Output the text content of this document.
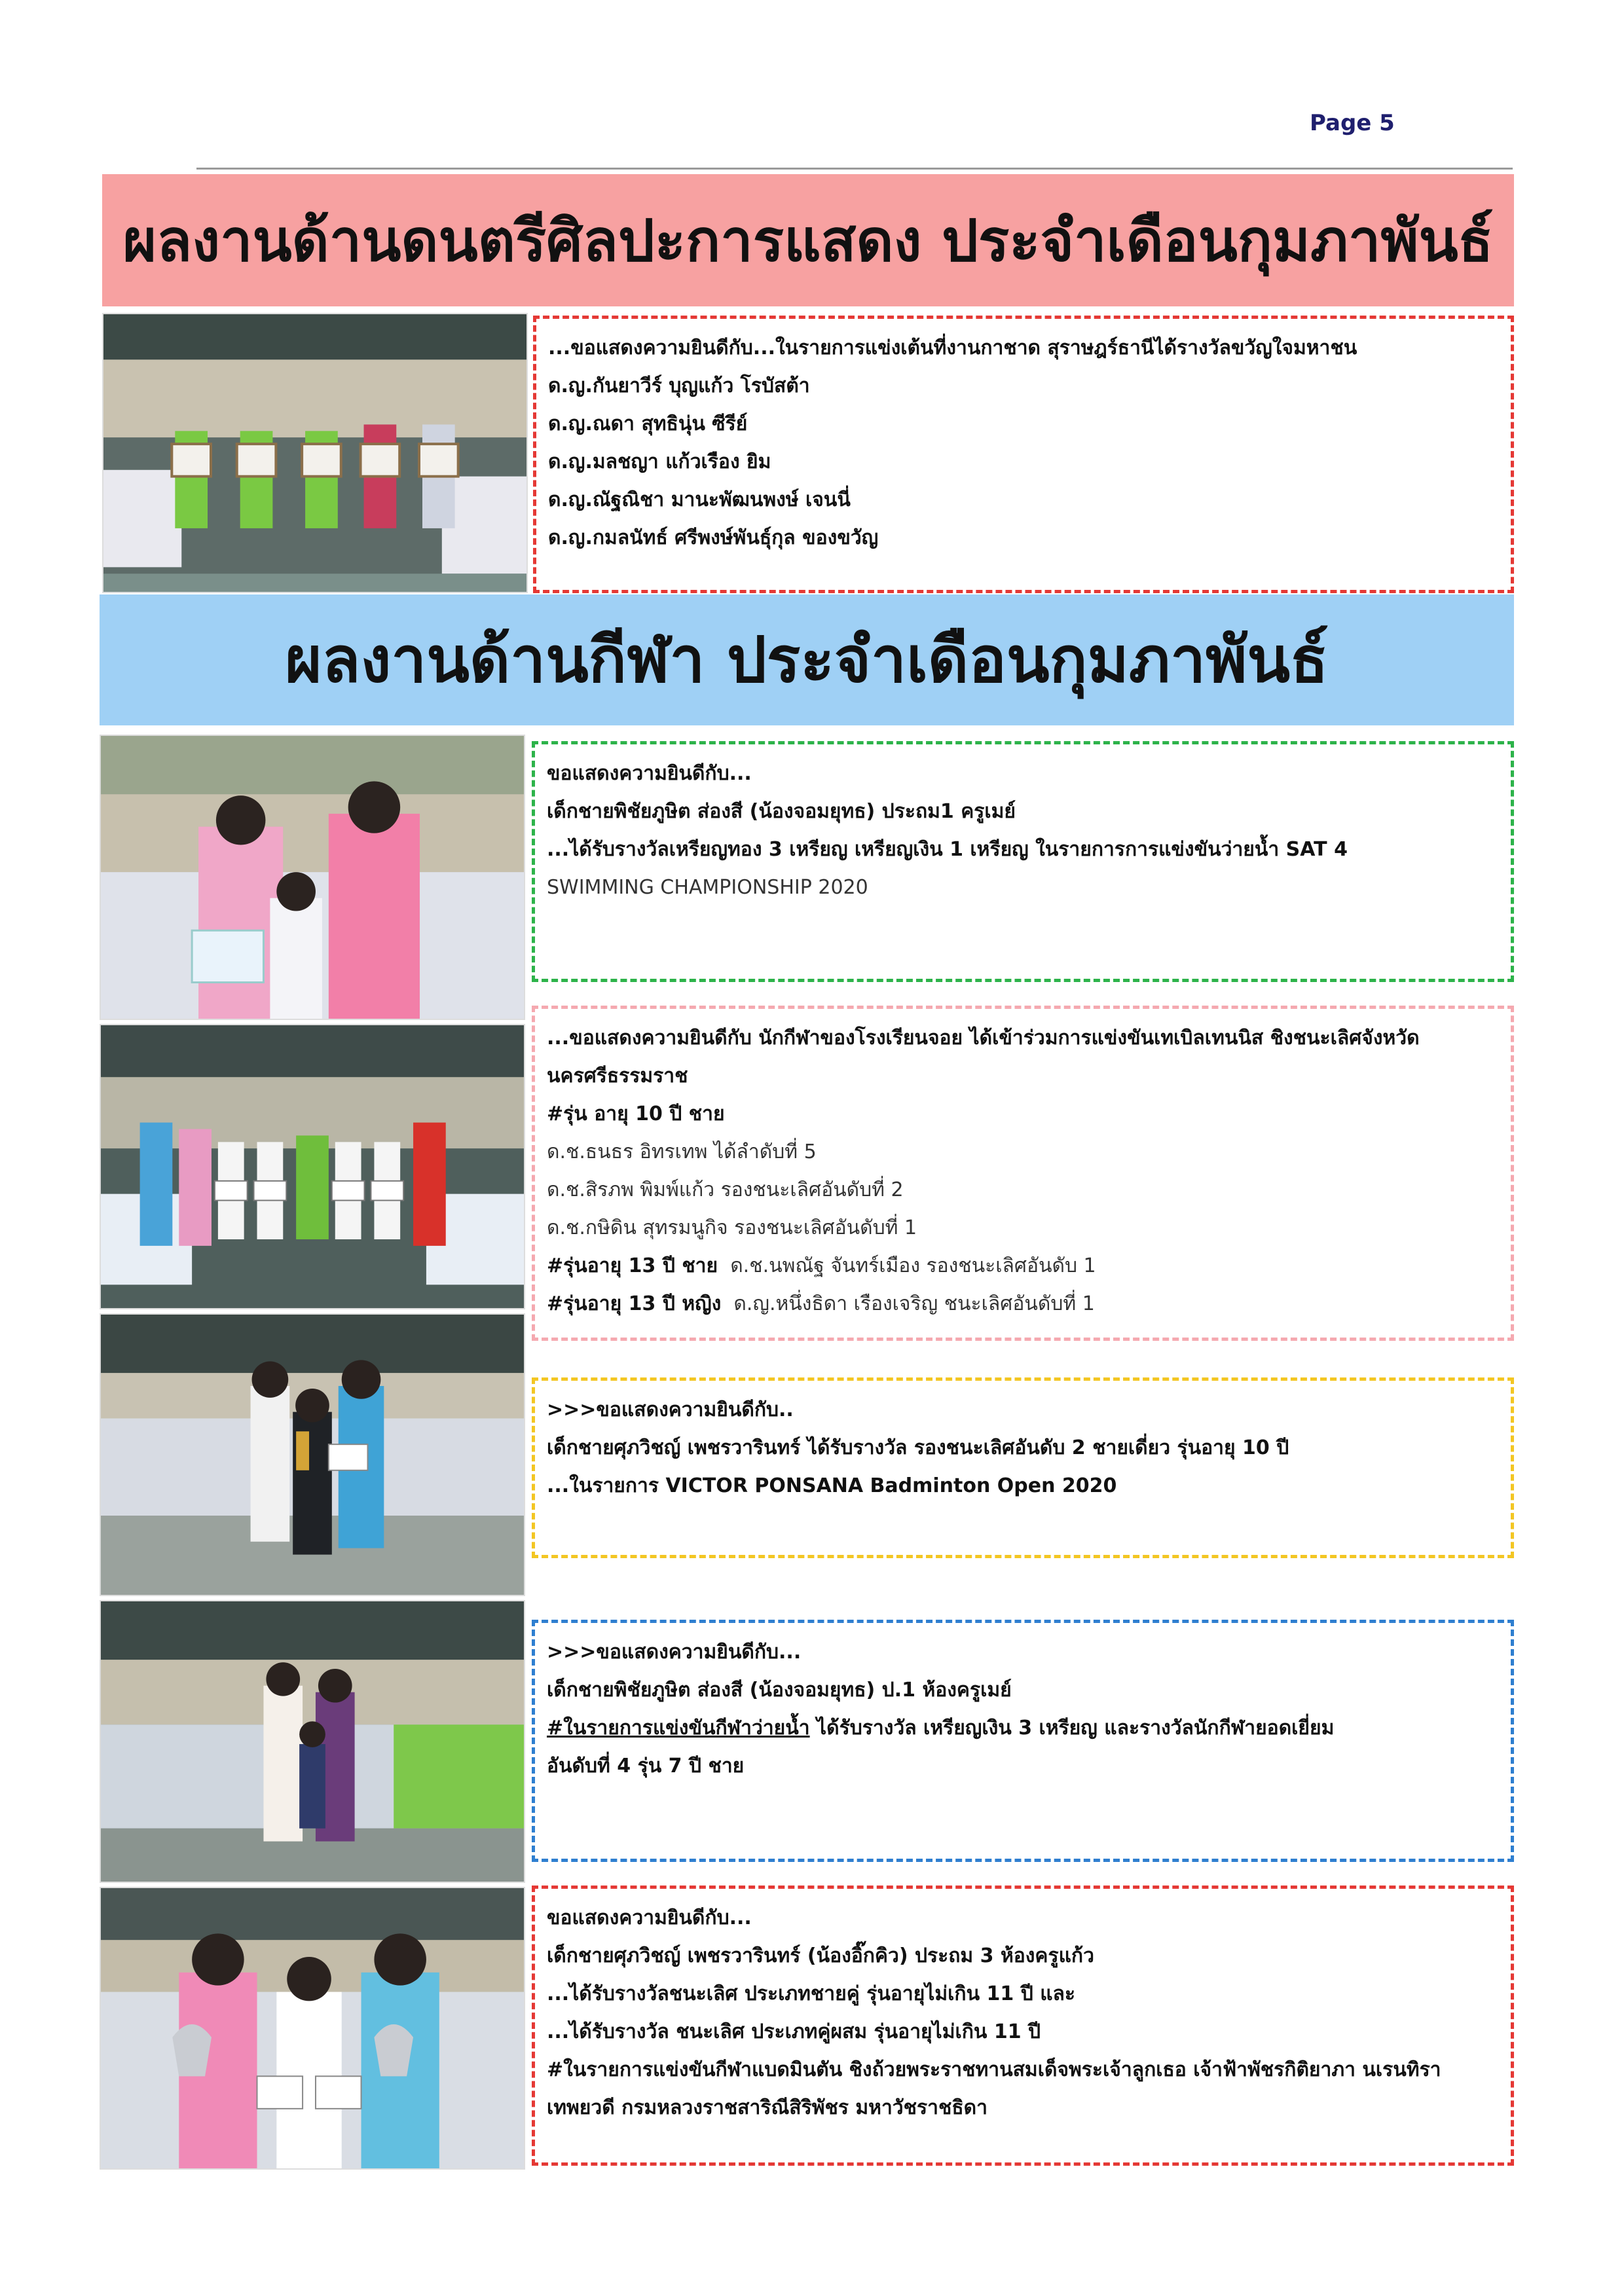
Page 5
ผลงานด้านดนตรีศิลปะการแสดง ประจำเดือนกุมภาพันธ์
...ขอแสดงความยินดีกับ...ในรายการแข่งเต้นที่งานกาชาด สุราษฎร์ธานีได้รางวัลขวัญใจมหาชน
ด.ญ.กันยาวีร์ บุญแก้ว โรบัสต้า
ด.ญ.ณดา สุทธินุ่น ซีรีย์
ด.ญ.มลชญา แก้วเรือง ยิม
ด.ญ.ณัฐณิชา มานะพัฒนพงษ์ เจนนี่
ด.ญ.กมลนัทธ์ ศรีพงษ์พันธุ์กุล ของขวัญ
ผลงานด้านกีฬา ประจำเดือนกุมภาพันธ์
ขอแสดงความยินดีกับ...
เด็กชายพิชัยภูษิต ส่องสี (น้องจอมยุทธ) ประถม1 ครูเมย์
...ได้รับรางวัลเหรียญทอง 3 เหรียญ เหรียญเงิน 1 เหรียญ ในรายการการแข่งขันว่ายน้ำ SAT 4
SWIMMING CHAMPIONSHIP 2020
...ขอแสดงความยินดีกับ นักกีฬาของโรงเรียนจอย ได้เข้าร่วมการแข่งขันเทเบิลเทนนิส ชิงชนะเลิศจังหวัด
นครศรีธรรมราช
#รุ่น อายุ 10 ปี ชาย
ด.ช.ธนธร อิทรเทพ ได้ลำดับที่ 5
ด.ช.สิรภพ พิมพ์แก้ว รองชนะเลิศอันดับที่ 2
ด.ช.กษิดิน สุทรมนูกิจ รองชนะเลิศอันดับที่ 1
#รุ่นอายุ 13 ปี ชาย ด.ช.นพณัฐ จันทร์เมือง รองชนะเลิศอันดับ 1
#รุ่นอายุ 13 ปี หญิง ด.ญ.หนึ่งธิดา เรืองเจริญ ชนะเลิศอันดับที่ 1
>>>ขอแสดงความยินดีกับ..
เด็กชายศุภวิชญ์ เพชรวารินทร์ ได้รับรางวัล รองชนะเลิศอันดับ 2 ชายเดี่ยว รุ่นอายุ 10 ปี
...ในรายการ VICTOR PONSANA Badminton Open 2020
>>>ขอแสดงความยินดีกับ...
เด็กชายพิชัยภูษิต ส่องสี (น้องจอมยุทธ) ป.1 ห้องครูเมย์
#ในรายการแข่งขันกีฬาว่ายน้ำ ได้รับรางวัล เหรียญเงิน 3 เหรียญ และรางวัลนักกีฬายอดเยี่ยม
อันดับที่ 4 รุ่น 7 ปี ชาย
ขอแสดงความยินดีกับ...
เด็กชายศุภวิชญ์ เพชรวารินทร์ (น้องอิ๊กคิว) ประถม 3 ห้องครูแก้ว
...ได้รับรางวัลชนะเลิศ ประเภทชายคู่ รุ่นอายุไม่เกิน 11 ปี และ
...ได้รับรางวัล ชนะเลิศ ประเภทคู่ผสม รุ่นอายุไม่เกิน 11 ปี
#ในรายการแข่งขันกีฬาแบดมินตัน ชิงถ้วยพระราชทานสมเด็จพระเจ้าลูกเธอ เจ้าฟ้าพัชรกิติยาภา นเรนทิรา
เทพยวดี กรมหลวงราชสาริณีสิริพัชร มหาวัชราชธิดา
